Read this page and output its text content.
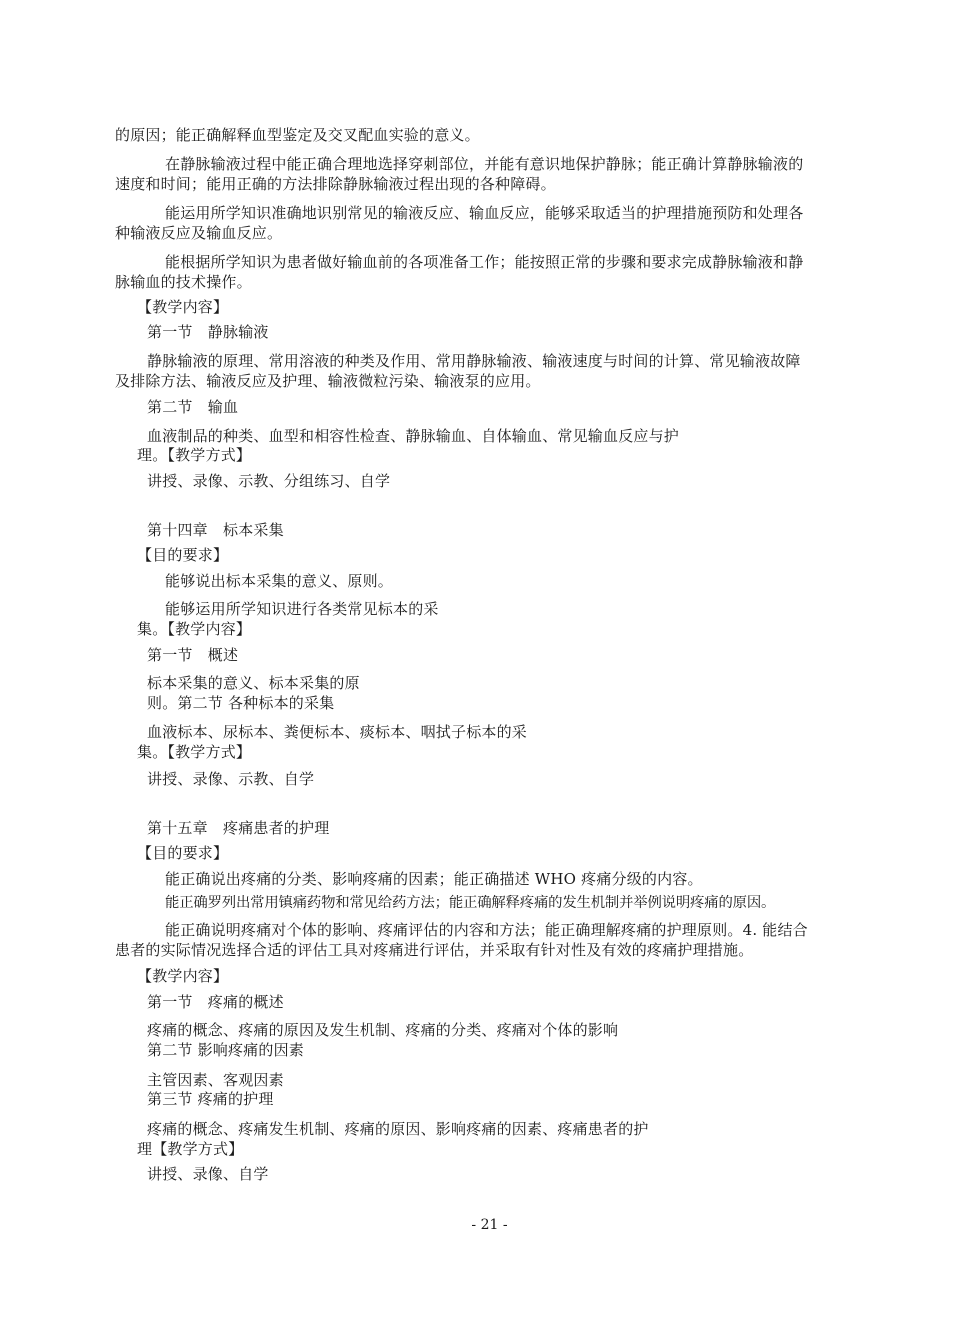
的原因；能正确解释血型鉴定及交叉配血实验的意义。
在静脉输液过程中能正确合理地选择穿刺部位，并能有意识地保护静脉；能正确计算静脉输液的
速度和时间；能用正确的方法排除静脉输液过程出现的各种障碍。
能运用所学知识准确地识别常见的输液反应、输血反应，能够采取适当的护理措施预防和处理各
种输液反应及输血反应。
能根据所学知识为患者做好输血前的各项准备工作；能按照正常的步骤和要求完成静脉输液和静
脉输血的技术操作。
【教学内容】
第一节　静脉输液
静脉输液的原理、常用溶液的种类及作用、常用静脉输液、输液速度与时间的计算、常见输液故障
及排除方法、输液反应及护理、输液微粒污染、输液泵的应用。
第二节　输血
血液制品的种类、血型和相容性检查、静脉输血、自体输血、常见输血反应与护
理。【教学方式】
讲授、录像、示教、分组练习、自学
第十四章　标本采集
【目的要求】
能够说出标本采集的意义、原则。
能够运用所学知识进行各类常见标本的采
集。【教学内容】
第一节　概述
标本采集的意义、标本采集的原
则。第二节 各种标本的采集
血液标本、尿标本、粪便标本、痰标本、咽拭子标本的采
集。【教学方式】
讲授、录像、示教、自学
第十五章　疼痛患者的护理
【目的要求】
能正确说出疼痛的分类、影响疼痛的因素；能正确描述 WHO 疼痛分级的内容。
能正确罗列出常用镇痛药物和常见给药方法；能正确解释疼痛的发生机制并举例说明疼痛的原因。
能正确说明疼痛对个体的影响、疼痛评估的内容和方法；能正确理解疼痛的护理原则。4. 能结合
患者的实际情况选择合适的评估工具对疼痛进行评估，并采取有针对性及有效的疼痛护理措施。
【教学内容】
第一节　疼痛的概述
疼痛的概念、疼痛的原因及发生机制、疼痛的分类、疼痛对个体的影响
第二节 影响疼痛的因素
主管因素、客观因素
第三节 疼痛的护理
疼痛的概念、疼痛发生机制、疼痛的原因、影响疼痛的因素、疼痛患者的护
理【教学方式】
讲授、录像、自学
- 21 -
